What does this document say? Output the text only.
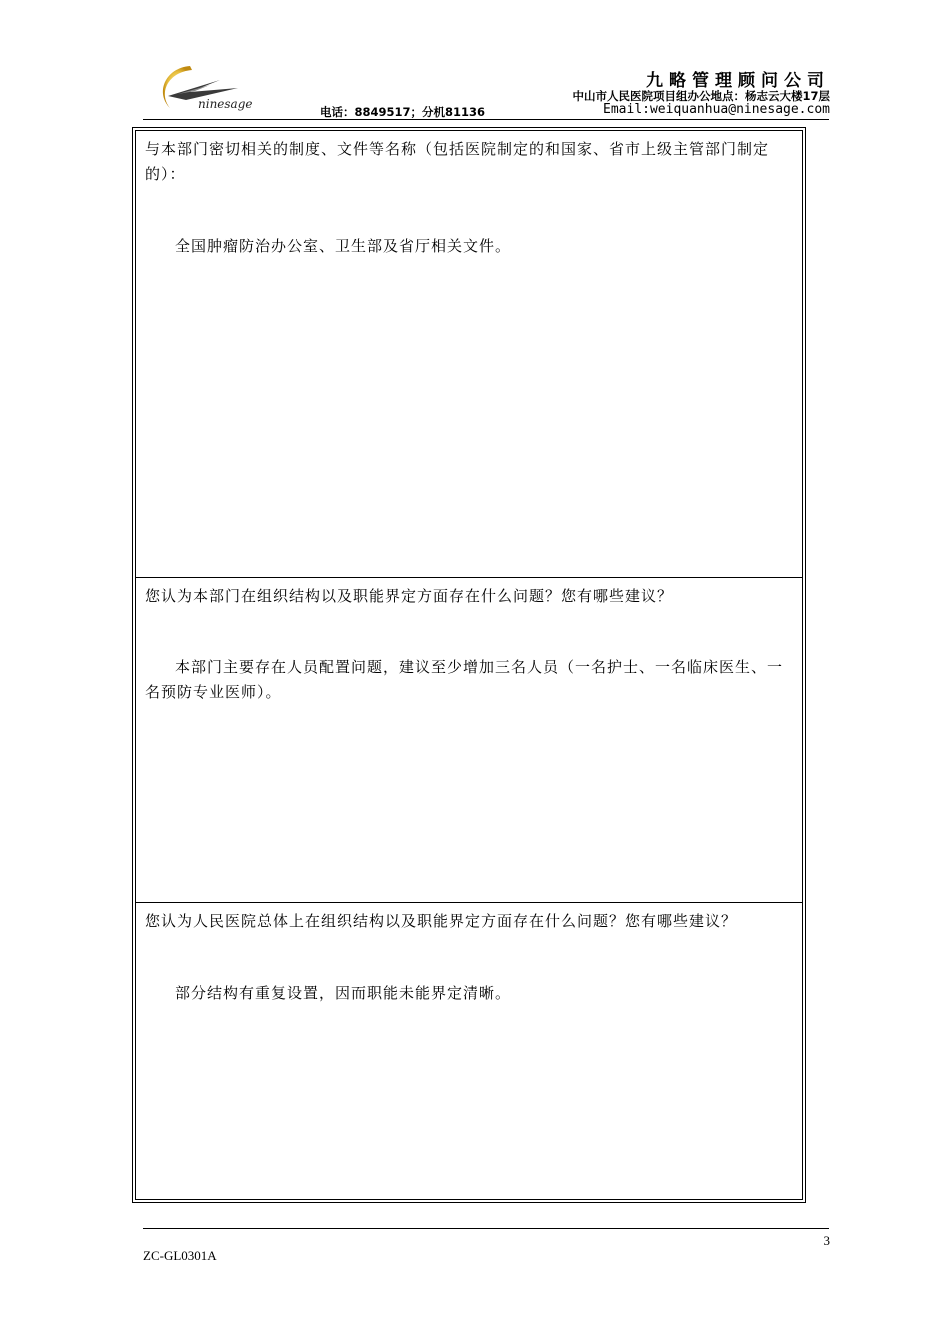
ninesage
九略管理顾问公司
中山市人民医院项目组办公地点：杨志云大楼17层
电话：8849517；分机81136	Email:weiquanhua@ninesage.com

与本部门密切相关的制度、文件等名称（包括医院制定的和国家、省市上级主管部门制定的）：

全国肿瘤防治办公室、卫生部及省厅相关文件。

您认为本部门在组织结构以及职能界定方面存在什么问题？您有哪些建议？

本部门主要存在人员配置问题，建议至少增加三名人员（一名护士、一名临床医生、一名预防专业医师）。

您认为人民医院总体上在组织结构以及职能界定方面存在什么问题？您有哪些建议？

部分结构有重复设置，因而职能未能界定清晰。

3
ZC-GL0301A
